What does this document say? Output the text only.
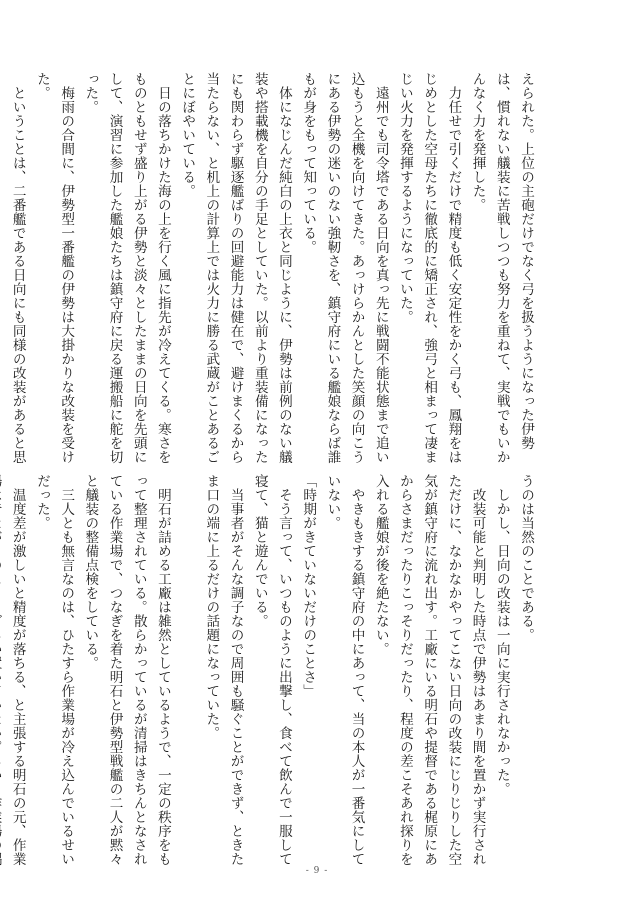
えられた。上位の主砲だけでなく弓を扱うようになった伊勢
は、慣れない艤装に苦戦しつつも努力を重ねて、実戦でもいか
んなく力を発揮した。
　力任せで引くだけで精度も低く安定性をかく弓も、鳳翔をは
じめとした空母たちに徹底的に矯正され、強弓と相まって凄ま
じい火力を発揮するようになっていた。
　遠州でも司令塔である日向を真っ先に戦闘不能状態まで追い
込もうと全機を向けてきた。あっけらかんとした笑顔の向こう
にある伊勢の迷いのない強靭さを、鎮守府にいる艦娘ならば誰
もが身をもって知っている。
　体になじんだ純白の上衣と同じように、伊勢は前例のない艤
装や搭載機を自分の手足としていた。以前より重装備になった
にも関わらず駆逐艦ばりの回避能力は健在で、避けまくるから
当たらない、と机上の計算上では火力に勝る武蔵がことあるご
とにぼやいている。
　日の落ちかけた海の上を行く風に指先が冷えてくる。寒さを
ものともせず盛り上がる伊勢と淡々としたままの日向を先頭に
して、演習に参加した艦娘たちは鎮守府に戻る運搬船に舵を切
った。
　梅雨の合間に、伊勢型一番艦の伊勢は大掛かりな改装を受け
た。
　ということは、二番艦である日向にも同様の改装があると思

うのは当然のことである。
　しかし、日向の改装は一向に実行されなかった。
　改装可能と判明した時点で伊勢はあまり間を置かず実行され
ただけに、なかなかやってこない日向の改装にじりじりした空
気が鎮守府に流れ出す。工廠にいる明石や提督である梶原にあ
からさまだったりこっそりだったり、程度の差こそあれ探りを
入れる艦娘が後を絶たない。
　やきもきする鎮守府の中にあって、当の本人が一番気にして
いない。
「時期がきていないだけのことさ」
　そう言って、いつものように出撃し、食べて飲んで一服して
寝て、猫と遊んでいる。
　当事者がそんな調子なので周囲も騒ぐことができず、ときた
ま口の端に上るだけの話題になっていた。

　明石が詰める工廠は雑然としているようで、一定の秩序をも
って整理されている。散らかっているが清掃はきちんとなされ
ている作業場で、つなぎを着た明石と伊勢型戦艦の二人が黙々
と艤装の整備点検をしている。
　三人とも無言なのは、ひたすら作業場が冷え込んでいるせい
だった。
　温度差が激しいと精度が落ちる、と主張する明石の元、作業

- 9 -
